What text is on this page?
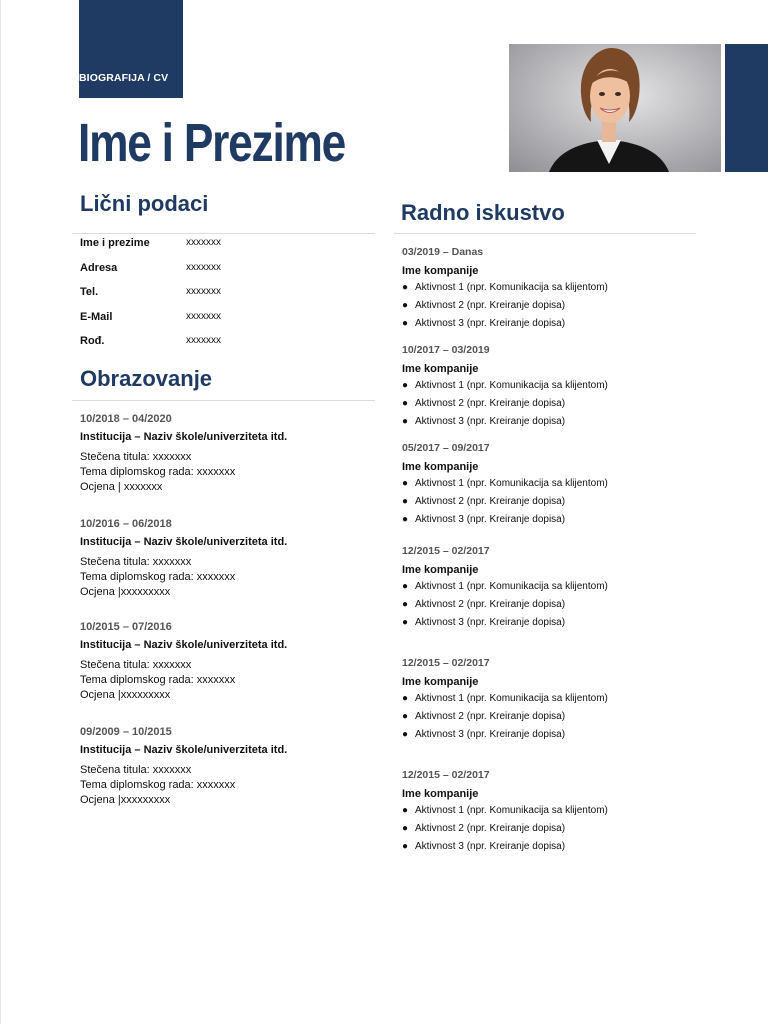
BIOGRAFIJA / CV
Ime i Prezime
Lični podaci
Ime i prezime	xxxxxxx
Adresa	xxxxxxx
Tel.	xxxxxxx
E-Mail	xxxxxxx
Rođ.	xxxxxxx
Obrazovanje
10/2018 – 04/2020
Institucija – Naziv škole/univerziteta itd.
Stečena titula: xxxxxxx
Tema diplomskog rada: xxxxxxx
Ocjena | xxxxxxx
10/2016 – 06/2018
Institucija – Naziv škole/univerziteta itd.
Stečena titula: xxxxxxx
Tema diplomskog rada: xxxxxxx
Ocjena |xxxxxxxxx
10/2015 – 07/2016
Institucija – Naziv škole/univerziteta itd.
Stečena titula: xxxxxxx
Tema diplomskog rada: xxxxxxx
Ocjena |xxxxxxxxx
09/2009 – 10/2015
Institucija – Naziv škole/univerziteta itd.
Stečena titula: xxxxxxx
Tema diplomskog rada: xxxxxxx
Ocjena |xxxxxxxxx
Radno iskustvo
03/2019 – Danas
Ime kompanije
● Aktivnost 1 (npr. Komunikacija sa klijentom)
● Aktivnost 2 (npr. Kreiranje dopisa)
● Aktivnost 3 (npr. Kreiranje dopisa)
10/2017 – 03/2019
Ime kompanije
● Aktivnost 1 (npr. Komunikacija sa klijentom)
● Aktivnost 2 (npr. Kreiranje dopisa)
● Aktivnost 3 (npr. Kreiranje dopisa)
05/2017 – 09/2017
Ime kompanije
● Aktivnost 1 (npr. Komunikacija sa klijentom)
● Aktivnost 2 (npr. Kreiranje dopisa)
● Aktivnost 3 (npr. Kreiranje dopisa)
12/2015 – 02/2017
Ime kompanije
● Aktivnost 1 (npr. Komunikacija sa klijentom)
● Aktivnost 2 (npr. Kreiranje dopisa)
● Aktivnost 3 (npr. Kreiranje dopisa)
12/2015 – 02/2017
Ime kompanije
● Aktivnost 1 (npr. Komunikacija sa klijentom)
● Aktivnost 2 (npr. Kreiranje dopisa)
● Aktivnost 3 (npr. Kreiranje dopisa)
12/2015 – 02/2017
Ime kompanije
● Aktivnost 1 (npr. Komunikacija sa klijentom)
● Aktivnost 2 (npr. Kreiranje dopisa)
● Aktivnost 3 (npr. Kreiranje dopisa)
